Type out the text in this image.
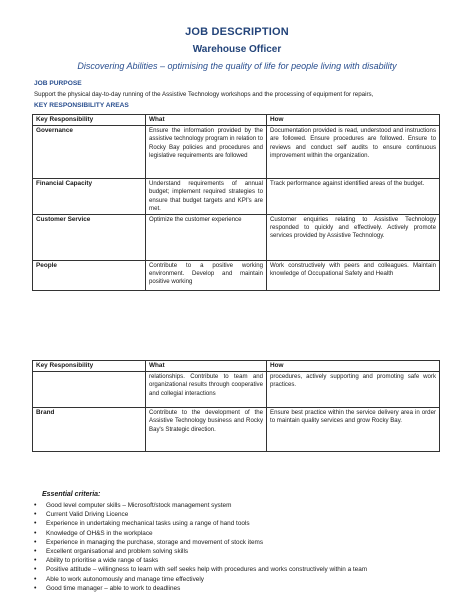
JOB DESCRIPTION
Warehouse Officer
Discovering Abilities – optimising the quality of life for people living with disability
JOB PURPOSE
Support the physical day-to-day running of the Assistive Technology workshops and the processing of equipment for repairs,
KEY RESPONSIBILITY AREAS
Key Responsibility	What	How
Governance	Ensure the information provided by the assistive technology program in relation to Rocky Bay policies and procedures and legislative requirements are followed	Documentation provided is read, understood and instructions are followed. Ensure procedures are followed. Ensure to reviews and conduct self audits to ensure continuous improvement within the organization.
Financial Capacity	Understand requirements of annual budget; implement required strategies to ensure that budget targets and KPI's are met.	Track performance against identified areas of the budget.
Customer Service	Optimize the customer experience	Customer enquiries relating to Assistive Technology responded to quickly and effectively. Actively promote services provided by Assistive Technology.
People	Contribute to a positive working environment. Develop and maintain positive working	Work constructively with peers and colleagues. Maintain knowledge of Occupational Safety and Health
Key Responsibility	What	How
	relationships. Contribute to team and organizational results through cooperative and collegial interactions	procedures, actively supporting and promoting safe work practices.
Brand	Contribute to the development of the Assistive Technology business and Rocky Bay's Strategic direction.	Ensure best practice within the service delivery area in order to maintain quality services and grow Rocky Bay.
Essential criteria:
• Good level computer skills – Microsoft/stock management system
• Current Valid Driving Licence
• Experience in undertaking mechanical tasks using a range of hand tools
• Knowledge of OH&S in the workplace
• Experience in managing the purchase, storage and movement of stock items
• Excellent organisational and problem solving skills
• Ability to prioritise a wide range of tasks
• Positive attitude – willingness to learn with self seeks help with procedures and works constructively within a team
• Able to work autonomously and manage time effectively
• Good time manager – able to work to deadlines
